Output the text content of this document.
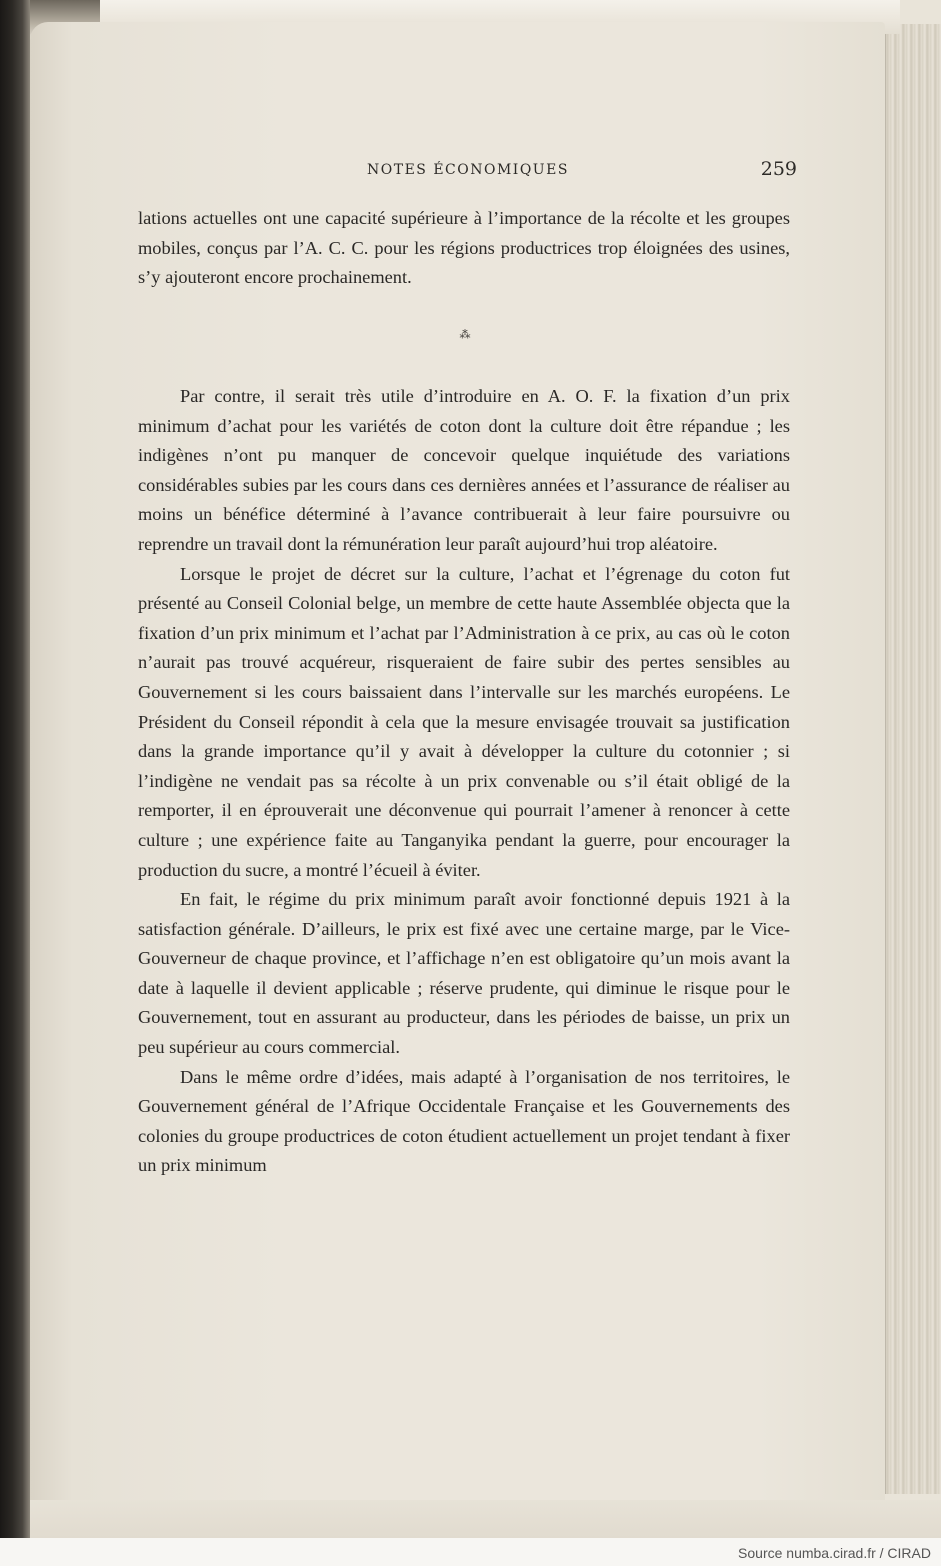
NOTES ÉCONOMIQUES	259

lations actuelles ont une capacité supérieure à l’importance de la récolte et les groupes mobiles, conçus par l’A. C. C. pour les régions productrices trop éloignées des usines, s’y ajouteront encore prochainement.

⁂

Par contre, il serait très utile d’introduire en A. O. F. la fixation d’un prix minimum d’achat pour les variétés de coton dont la culture doit être répandue ; les indigènes n’ont pu manquer de concevoir quelque inquiétude des variations considérables subies par les cours dans ces dernières années et l’assurance de réaliser au moins un bénéfice déterminé à l’avance contribuerait à leur faire poursuivre ou reprendre un travail dont la rémunération leur paraît aujourd’hui trop aléatoire.

Lorsque le projet de décret sur la culture, l’achat et l’égrenage du coton fut présenté au Conseil Colonial belge, un membre de cette haute Assemblée objecta que la fixation d’un prix minimum et l’achat par l’Administration à ce prix, au cas où le coton n’aurait pas trouvé acquéreur, risqueraient de faire subir des pertes sensibles au Gouvernement si les cours baissaient dans l’intervalle sur les marchés européens. Le Président du Conseil répondit à cela que la mesure envisagée trouvait sa justification dans la grande importance qu’il y avait à développer la culture du cotonnier ; si l’indigène ne vendait pas sa récolte à un prix convenable ou s’il était obligé de la remporter, il en éprouverait une déconvenue qui pourrait l’amener à renoncer à cette culture ; une expérience faite au Tanganyika pendant la guerre, pour encourager la production du sucre, a montré l’écueil à éviter.

En fait, le régime du prix minimum paraît avoir fonctionné depuis 1921 à la satisfaction générale. D’ailleurs, le prix est fixé avec une certaine marge, par le Vice-Gouverneur de chaque province, et l’affichage n’en est obligatoire qu’un mois avant la date à laquelle il devient applicable ; réserve prudente, qui diminue le risque pour le Gouvernement, tout en assurant au producteur, dans les périodes de baisse, un prix un peu supérieur au cours commercial.

Dans le même ordre d’idées, mais adapté à l’organisation de nos territoires, le Gouvernement général de l’Afrique Occidentale Française et les Gouvernements des colonies du groupe productrices de coton étudient actuellement un projet tendant à fixer un prix minimum

Source numba.cirad.fr / CIRAD
